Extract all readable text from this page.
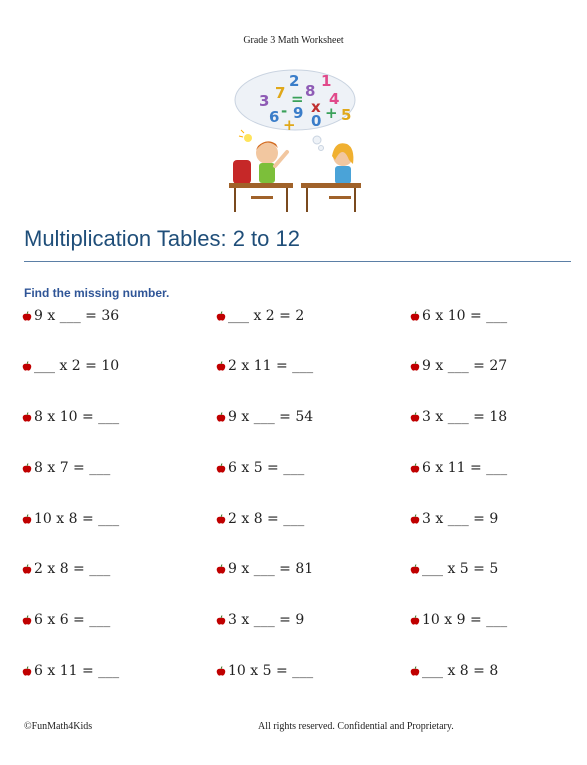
Grade 3 Math Worksheet
3 7
2
8
1
4
6 9 0 5
=
+
- x +
Multiplication Tables: 2 to 12
Find the missing number.
9 x ___ = 36
___ x 2 = 10
8 x 10 = ___
8 x 7 = ___
10 x 8 = ___
2 x 8 = ___
6 x 6 = ___
6 x 11 = ___
___ x 2 = 2
2 x 11 = ___
9 x ___ = 54
6 x 5 = ___
2 x 8 = ___
9 x ___ = 81
3 x ___ = 9
10 x 5 = ___
6 x 10 = ___
9 x ___ = 27
3 x ___ = 18
6 x 11 = ___
3 x ___ = 9
___ x 5 = 5
10 x 9 = ___
___ x 8 = 8
©FunMath4Kids	All rights reserved. Confidential and Proprietary.
